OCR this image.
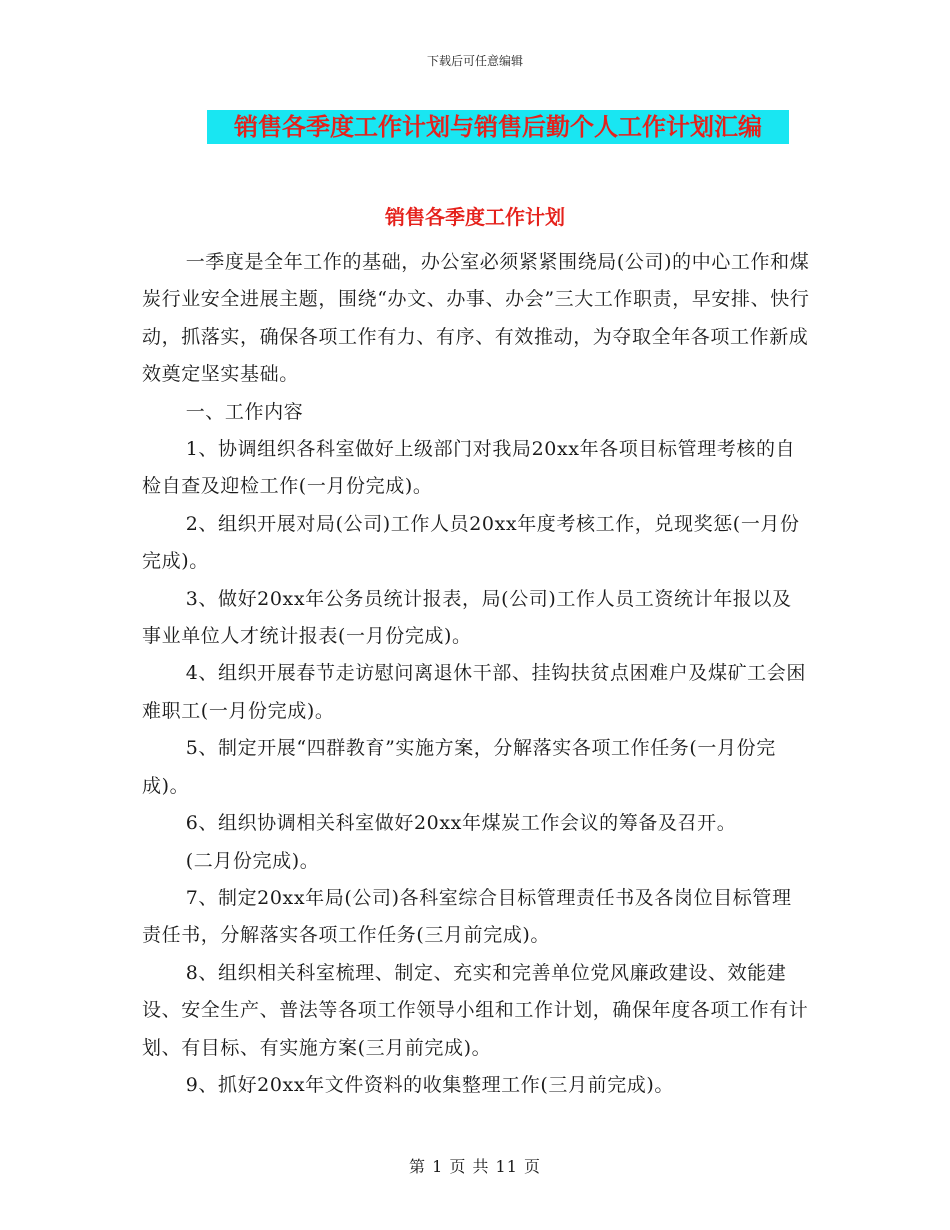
下载后可任意编辑
销售各季度工作计划与销售后勤个人工作计划汇编
销售各季度工作计划

一季度是全年工作的基础，办公室必须紧紧围绕局(公司)的中心工作和煤炭行业安全进展主题，围绕“办文、办事、办会”三大工作职责，早安排、快行动，抓落实，确保各项工作有力、有序、有效推动，为夺取全年各项工作新成效奠定坚实基础。

一、工作内容

1、协调组织各科室做好上级部门对我局20xx年各项目标管理考核的自检自查及迎检工作(一月份完成)。

2、组织开展对局(公司)工作人员20xx年度考核工作，兑现奖惩(一月份完成)。

3、做好20xx年公务员统计报表，局(公司)工作人员工资统计年报以及事业单位人才统计报表(一月份完成)。

4、组织开展春节走访慰问离退休干部、挂钩扶贫点困难户及煤矿工会困难职工(一月份完成)。

5、制定开展“四群教育”实施方案，分解落实各项工作任务(一月份完成)。

6、组织协调相关科室做好20xx年煤炭工作会议的筹备及召开。

(二月份完成)。

7、制定20xx年局(公司)各科室综合目标管理责任书及各岗位目标管理责任书，分解落实各项工作任务(三月前完成)。

8、组织相关科室梳理、制定、充实和完善单位党风廉政建设、效能建设、安全生产、普法等各项工作领导小组和工作计划，确保年度各项工作有计划、有目标、有实施方案(三月前完成)。

9、抓好20xx年文件资料的收集整理工作(三月前完成)。

第 1 页 共 11 页
